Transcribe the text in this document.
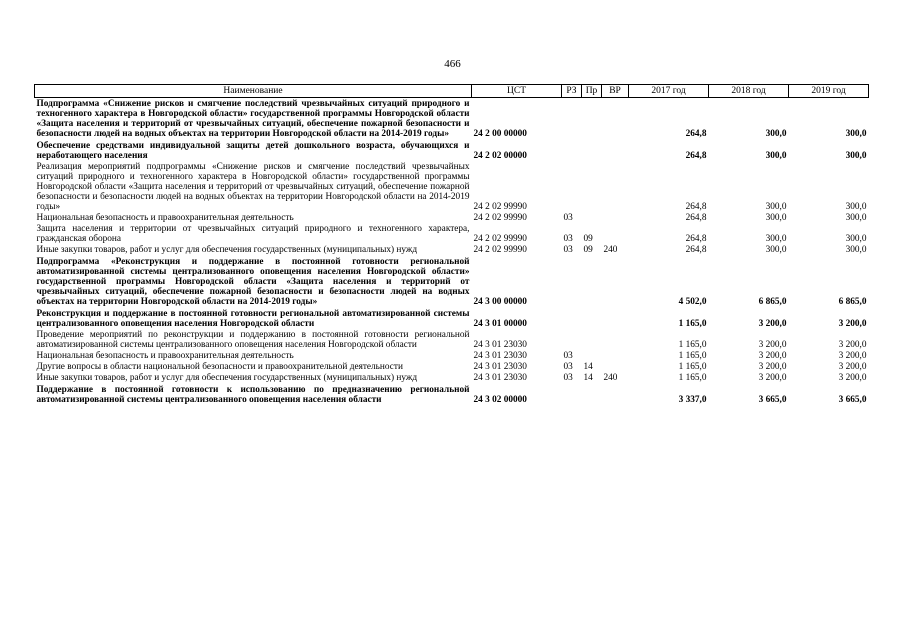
466
Наименование	ЦСТ	РЗ	Пр	ВР	2017 год	2018 год	2019 год
Подпрограмма «Снижение рисков и смягчение последствий чрезвычайных ситуаций природного и техногенного характера в Новгородской области» государственной программы Новгородской области «Защита населения и территорий от чрезвычайных ситуаций, обеспечение пожарной безопасности и безопасности людей на водных объектах на территории Новгородской области на 2014-2019 годы»	24 2 00 00000				264,8	300,0	300,0
Обеспечение средствами индивидуальной защиты детей дошкольного возраста, обучающихся и неработающего населения	24 2 02 00000				264,8	300,0	300,0
Реализация мероприятий подпрограммы «Снижение рисков и смягчение последствий чрезвычайных ситуаций природного и техногенного характера в Новгородской области» государственной программы Новгородской области «Защита населения и территорий от чрезвычайных ситуаций, обеспечение пожарной безопасности и безопасности людей на водных объектах на территории Новгородской области на 2014-2019 годы»	24 2 02 99990				264,8	300,0	300,0
Национальная безопасность и правоохранительная деятельность	24 2 02 99990	03			264,8	300,0	300,0
Защита населения и территории от чрезвычайных ситуаций природного и техногенного характера, гражданская оборона	24 2 02 99990	03	09		264,8	300,0	300,0
Иные закупки товаров, работ и услуг для обеспечения государственных (муниципальных) нужд	24 2 02 99990	03	09	240	264,8	300,0	300,0
Подпрограмма «Реконструкция и поддержание в постоянной готовности региональной автоматизированной системы централизованного оповещения населения Новгородской области» государственной программы Новгородской области «Защита населения и территорий от чрезвычайных ситуаций, обеспечение пожарной безопасности и безопасности людей на водных объектах на территории Новгородской области на 2014-2019 годы»	24 3 00 00000				4 502,0	6 865,0	6 865,0
Реконструкция и поддержание в постоянной готовности региональной автоматизированной системы централизованного оповещения населения Новгородской области	24 3 01 00000				1 165,0	3 200,0	3 200,0
Проведение мероприятий по реконструкции и поддержанию в постоянной готовности региональной автоматизированной системы централизованного оповещения населения Новгородской области	24 3 01 23030				1 165,0	3 200,0	3 200,0
Национальная безопасность и правоохранительная деятельность	24 3 01 23030	03			1 165,0	3 200,0	3 200,0
Другие вопросы в области национальной безопасности и правоохранительной деятельности	24 3 01 23030	03	14		1 165,0	3 200,0	3 200,0
Иные закупки товаров, работ и услуг для обеспечения государственных (муниципальных) нужд	24 3 01 23030	03	14	240	1 165,0	3 200,0	3 200,0
Поддержание в постоянной готовности к использованию по предназначению региональной автоматизированной системы централизованного оповещения населения области	24 3 02 00000				3 337,0	3 665,0	3 665,0
